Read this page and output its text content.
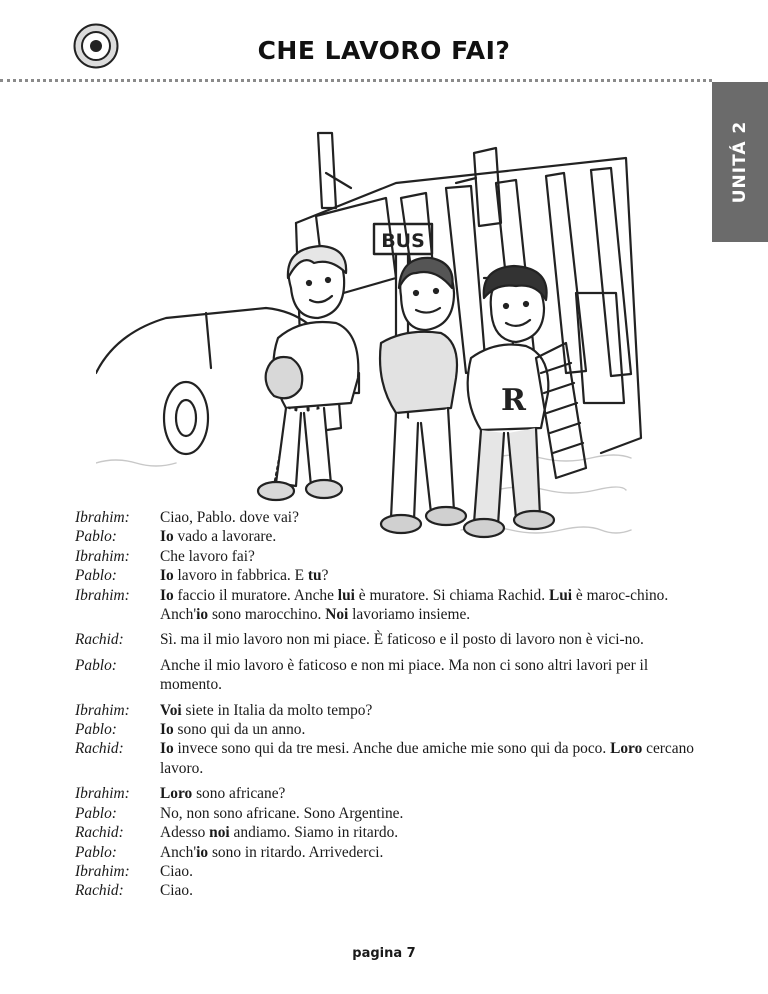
CHE LAVORO FAI?
UNITÁ 2
BUS
R
Ibrahim:	Ciao, Pablo. dove vai?
Pablo:	Io vado a lavorare.
Ibrahim:	Che lavoro fai?
Pablo:	Io lavoro in fabbrica. E tu?
Ibrahim:	Io faccio il muratore. Anche lui è muratore. Si chiama Rachid. Lui è maroc-chino. Anch'io sono marocchino. Noi lavoriamo insieme.
Rachid:	Sì. ma il mio lavoro non mi piace. È faticoso e il posto di lavoro non è vici-no.
Pablo:	Anche il mio lavoro è faticoso e non mi piace. Ma non ci sono altri lavori per il momento.
Ibrahim:	Voi siete in Italia da molto tempo?
Pablo:	Io sono qui da un anno.
Rachid:	Io invece sono qui da tre mesi. Anche due amiche mie sono qui da poco. Loro cercano lavoro.
Ibrahim:	Loro sono africane?
Pablo:	No, non sono africane. Sono Argentine.
Rachid:	Adesso noi andiamo. Siamo in ritardo.
Pablo:	Anch'io sono in ritardo. Arrivederci.
Ibrahim:	Ciao.
Rachid:	Ciao.
pagina 7
